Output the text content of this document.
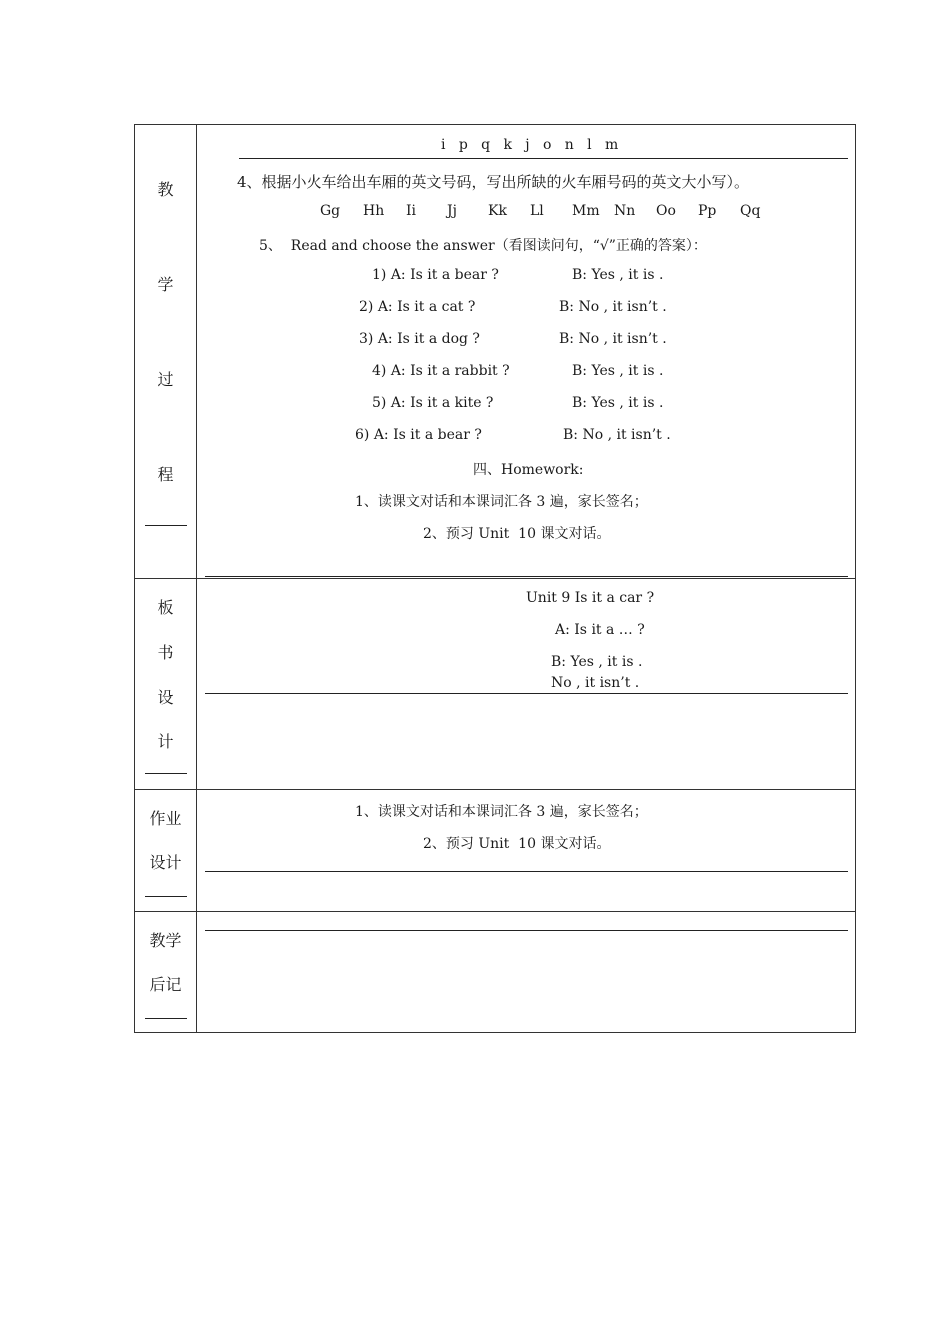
教
学
过
程
i   p   q   k   j   o   n   l   m
4、根据小火车给出车厢的英文号码，写出所缺的火车厢号码的英文大小写）。
Gg Hh Ii Jj Kk Ll Mm Nn Oo Pp Qq
5、  Read and choose the answer（看图读问句，“√”正确的答案）：
1) A: Is it a bear ?	B: Yes , it is .
2) A: Is it a cat ?	B: No , it isn’t .
3) A: Is it a dog ?	B: No , it isn’t .
4) A: Is it a rabbit ?	B: Yes , it is .
5) A: Is it a kite ?	B: Yes , it is .
6) A: Is it a bear ?	B: No , it isn’t .
四、Homework:
1、读课文对话和本课词汇各 3 遍，家长签名；
2、预习 Unit  10 课文对话。
板
书
设
计
Unit 9 Is it a car ?
A: Is it a … ?
B: Yes , it is .
No , it isn’t .
作业
设计
1、读课文对话和本课词汇各 3 遍，家长签名；
2、预习 Unit  10 课文对话。
教学
后记
